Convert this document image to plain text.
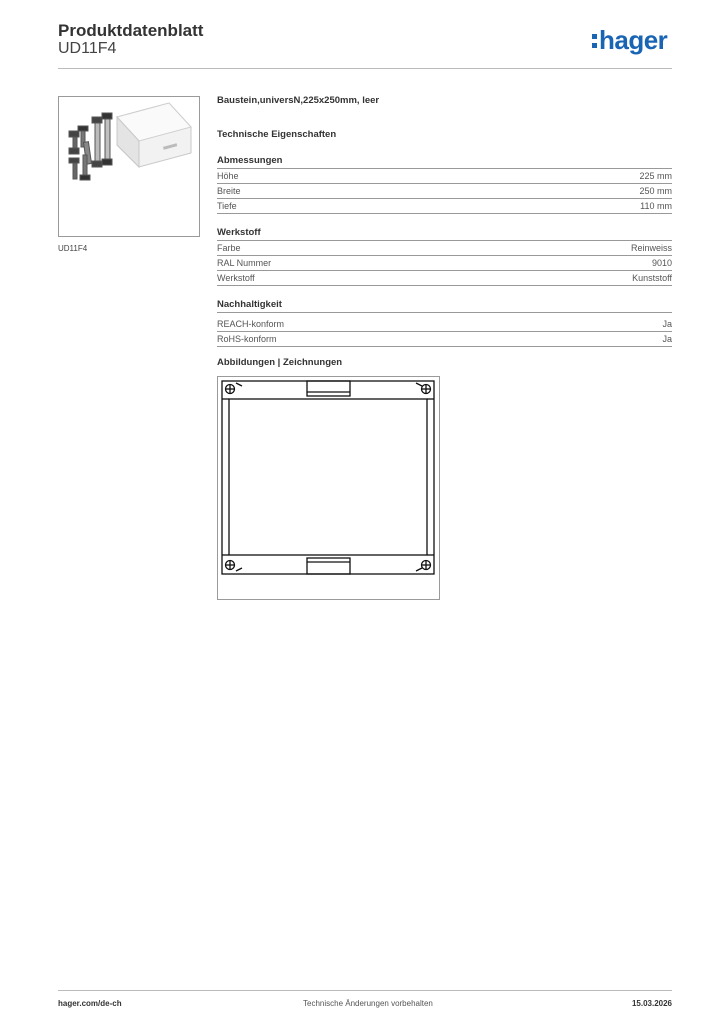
Produktdatenblatt
UD11F4	hager
UD11F4
Baustein,universN,225x250mm, leer
Technische Eigenschaften
Abmessungen
Höhe	225 mm
Breite	250 mm
Tiefe	110 mm
Werkstoff
Farbe	Reinweiss
RAL Nummer	9010
Werkstoff	Kunststoff
Nachhaltigkeit
REACH-konform	Ja
RoHS-konform	Ja
Abbildungen | Zeichnungen
hager.com/de-ch	Technische Änderungen vorbehalten	15.03.2026
